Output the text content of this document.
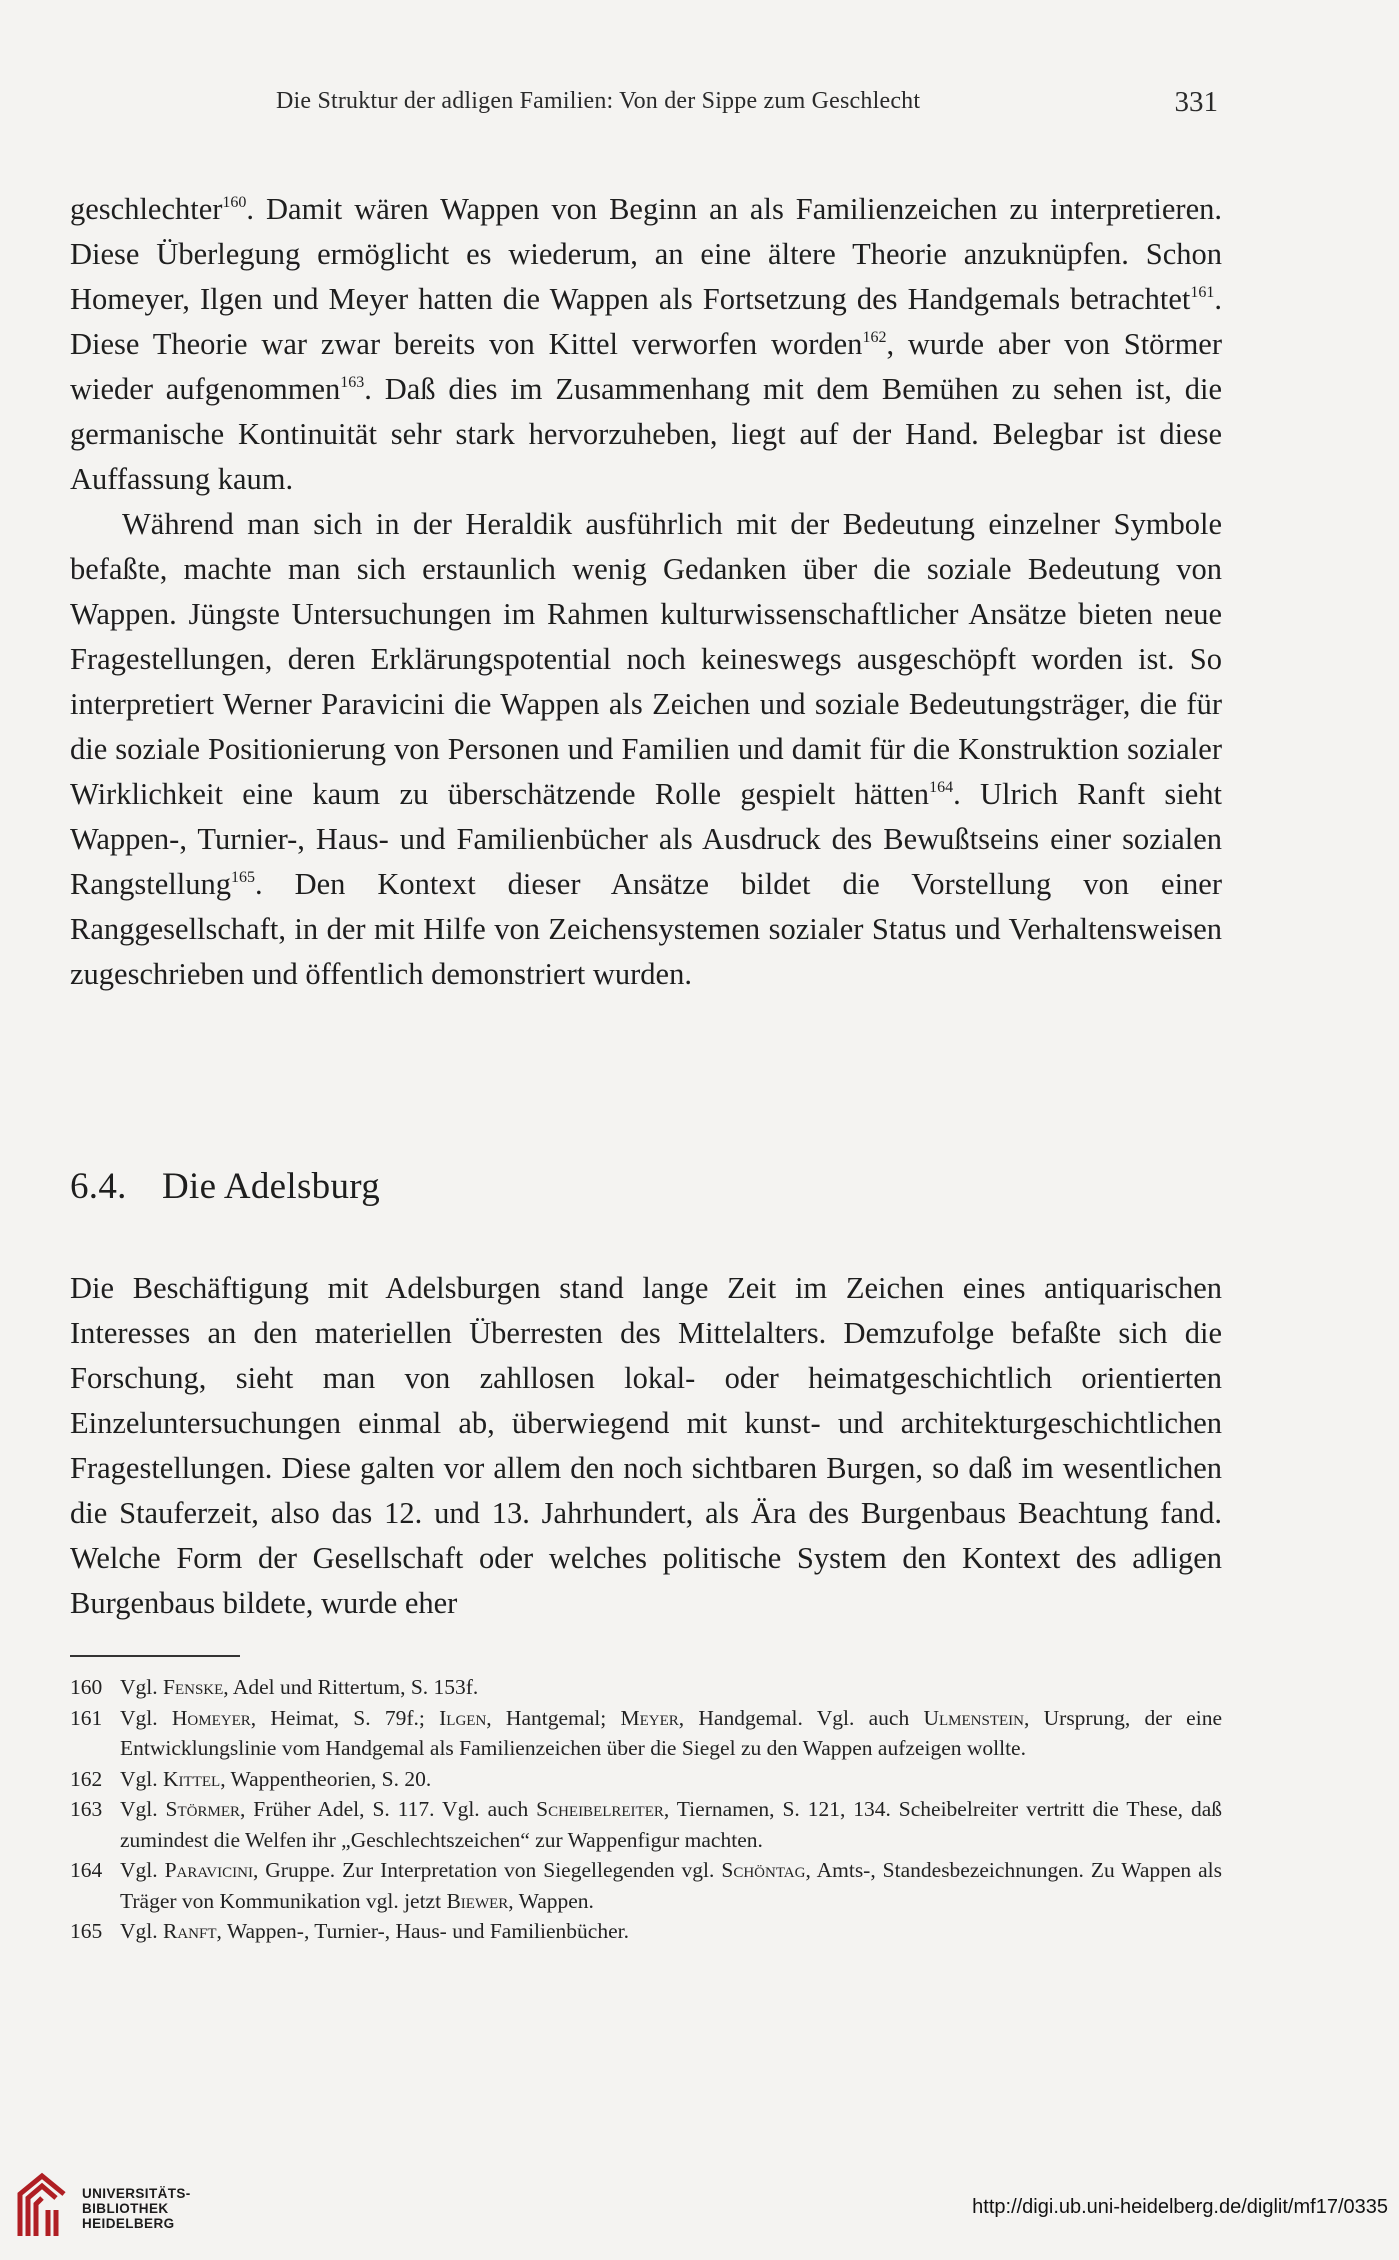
Die Struktur der adligen Familien: Von der Sippe zum Geschlecht	331

geschlechter$^{160}$. Damit wären Wappen von Beginn an als Familienzeichen zu interpretieren. Diese Überlegung ermöglicht es wiederum, an eine ältere Theorie anzuknüpfen. Schon Homeyer, Ilgen und Meyer hatten die Wappen als Fortsetzung des Handgemals betrachtet$^{161}$. Diese Theorie war zwar bereits von Kittel verworfen worden$^{162}$, wurde aber von Störmer wieder aufgenommen$^{163}$. Daß dies im Zusammenhang mit dem Bemühen zu sehen ist, die germanische Kontinuität sehr stark hervorzuheben, liegt auf der Hand. Belegbar ist diese Auffassung kaum.

Während man sich in der Heraldik ausführlich mit der Bedeutung einzelner Symbole befaßte, machte man sich erstaunlich wenig Gedanken über die soziale Bedeutung von Wappen. Jüngste Untersuchungen im Rahmen kulturwissenschaftlicher Ansätze bieten neue Fragestellungen, deren Erklärungspotential noch keineswegs ausgeschöpft worden ist. So interpretiert Werner Paravicini die Wappen als Zeichen und soziale Bedeutungsträger, die für die soziale Positionierung von Personen und Familien und damit für die Konstruktion sozialer Wirklichkeit eine kaum zu überschätzende Rolle gespielt hätten$^{164}$. Ulrich Ranft sieht Wappen-, Turnier-, Haus- und Familienbücher als Ausdruck des Bewußtseins einer sozialen Rangstellung$^{165}$. Den Kontext dieser Ansätze bildet die Vorstellung von einer Ranggesellschaft, in der mit Hilfe von Zeichensystemen sozialer Status und Verhaltensweisen zugeschrieben und öffentlich demonstriert wurden.

6.4. Die Adelsburg

Die Beschäftigung mit Adelsburgen stand lange Zeit im Zeichen eines antiquarischen Interesses an den materiellen Überresten des Mittelalters. Demzufolge befaßte sich die Forschung, sieht man von zahllosen lokal- oder heimatgeschichtlich orientierten Einzeluntersuchungen einmal ab, überwiegend mit kunst- und architekturgeschichtlichen Fragestellungen. Diese galten vor allem den noch sichtbaren Burgen, so daß im wesentlichen die Stauferzeit, also das 12. und 13. Jahrhundert, als Ära des Burgenbaus Beachtung fand. Welche Form der Gesellschaft oder welches politische System den Kontext des adligen Burgenbaus bildete, wurde eher

160 Vgl. Fenske, Adel und Rittertum, S. 153f.
161 Vgl. Homeyer, Heimat, S. 79f.; Ilgen, Hantgemal; Meyer, Handgemal. Vgl. auch Ulmenstein, Ursprung, der eine Entwicklungslinie vom Handgemal als Familienzeichen über die Siegel zu den Wappen aufzeigen wollte.
162 Vgl. Kittel, Wappentheorien, S. 20.
163 Vgl. Störmer, Früher Adel, S. 117. Vgl. auch Scheibelreiter, Tiernamen, S. 121, 134. Scheibelreiter vertritt die These, daß zumindest die Welfen ihr „Geschlechtszeichen“ zur Wappenfigur machten.
164 Vgl. Paravicini, Gruppe. Zur Interpretation von Siegellegenden vgl. Schöntag, Amts-, Standesbezeichnungen. Zu Wappen als Träger von Kommunikation vgl. jetzt Biewer, Wappen.
165 Vgl. Ranft, Wappen-, Turnier-, Haus- und Familienbücher.
UNIVERSITÄTS-
BIBLIOTHEK
HEIDELBERG
http://digi.ub.uni-heidelberg.de/diglit/mf17/0335
